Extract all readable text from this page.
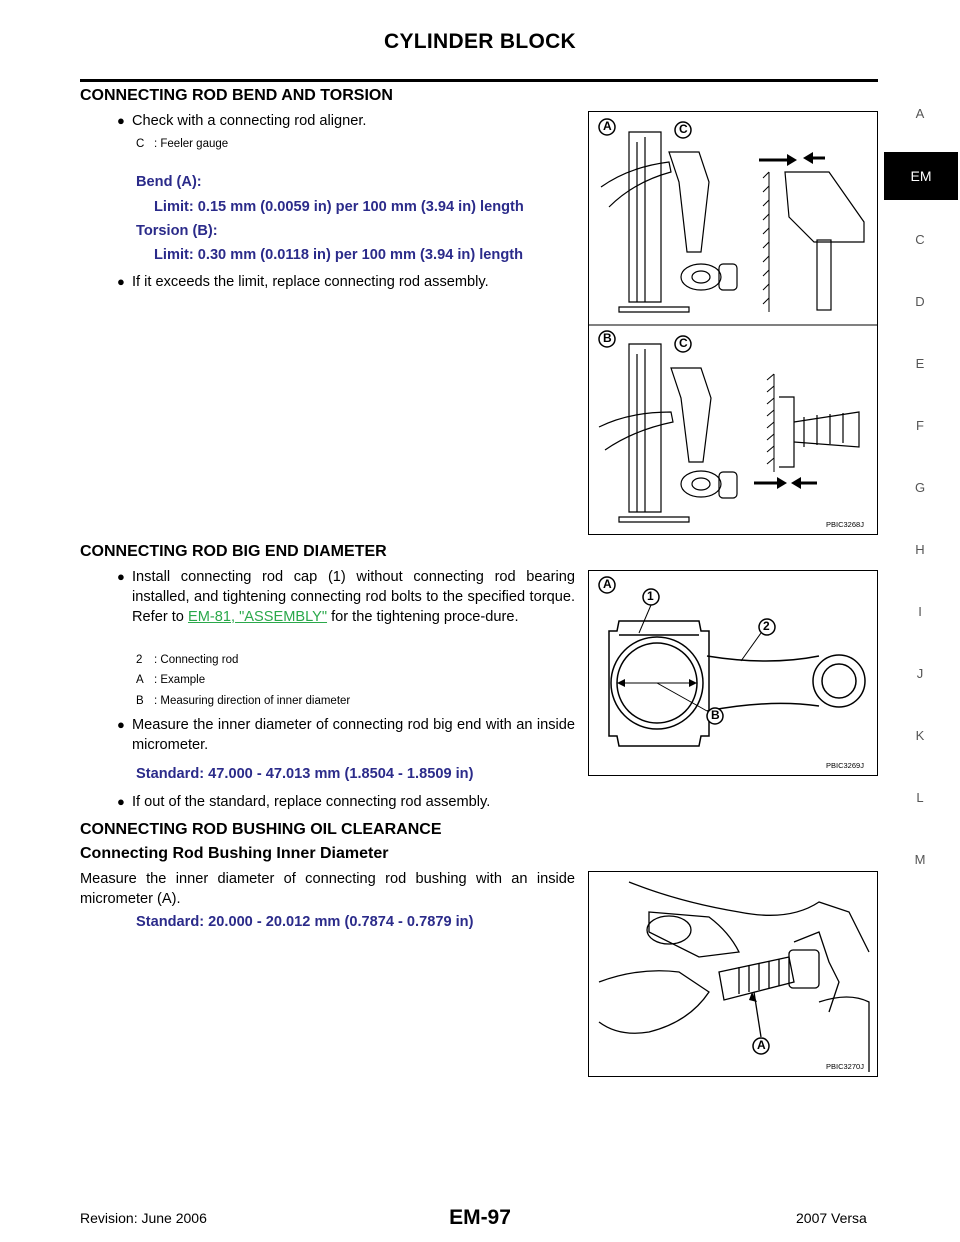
CYLINDER BLOCK
A
EM
C
D
E
F
G
H
I
J
K
L
M
CONNECTING ROD BEND AND TORSION
● Check with a connecting rod aligner.
C : Feeler gauge
Bend (A):
Limit: 0.15 mm (0.0059 in) per 100 mm (3.94 in) length
Torsion (B):
Limit: 0.30 mm (0.0118 in) per 100 mm (3.94 in) length
● If it exceeds the limit, replace connecting rod assembly.
A	C
B	C
PBIC3268J
CONNECTING ROD BIG END DIAMETER
● Install connecting rod cap (1) without connecting rod bearing installed, and tightening connecting rod bolts to the specified torque. Refer to EM-81, "ASSEMBLY" for the tightening proce-dure.
2 : Connecting rod
A : Example
B : Measuring direction of inner diameter
● Measure the inner diameter of connecting rod big end with an inside micrometer.
Standard: 47.000 - 47.013 mm (1.8504 - 1.8509 in)
● If out of the standard, replace connecting rod assembly.
A
1
2
B
PBIC3269J
CONNECTING ROD BUSHING OIL CLEARANCE
Connecting Rod Bushing Inner Diameter
Measure the inner diameter of connecting rod bushing with an inside micrometer (A).
Standard: 20.000 - 20.012 mm (0.7874 - 0.7879 in)
A
PBIC3270J
Revision: June 2006	EM-97	2007 Versa
